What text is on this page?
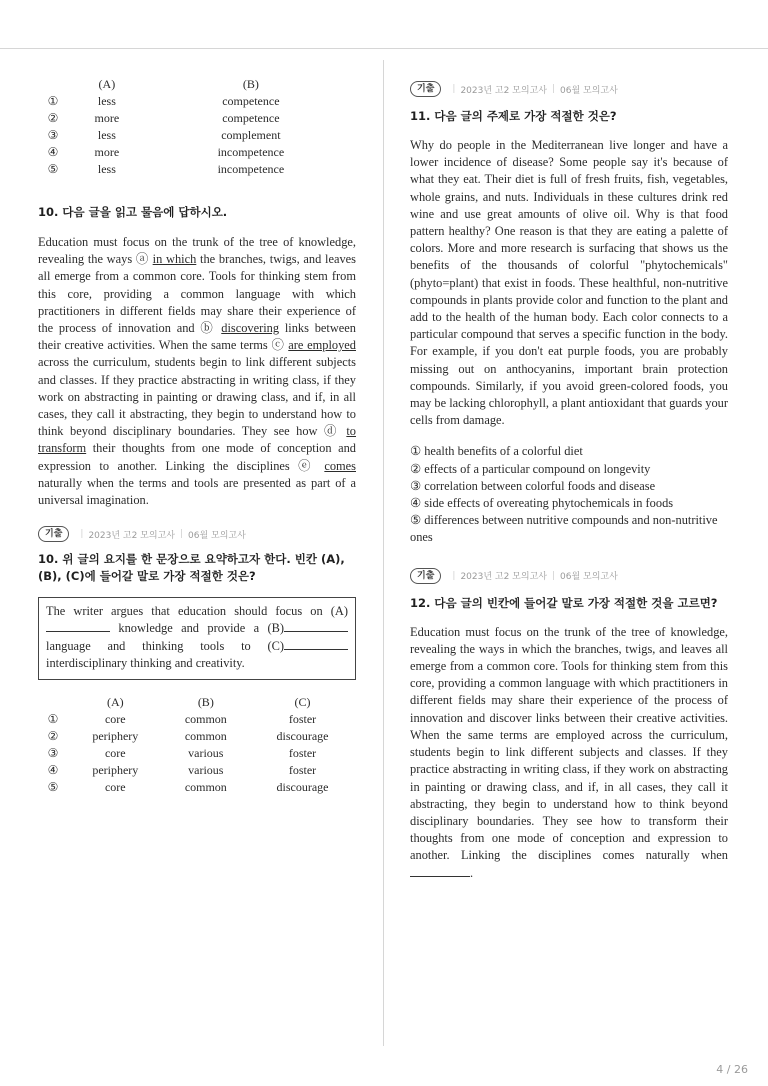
	(A)	(B)
①	less	competence
②	more	competence
③	less	complement
④	more	incompetence
⑤	less	incompetence

10. 다음 글을 읽고 물음에 답하시오.

Education must focus on the trunk of the tree of knowledge, revealing the ways ⓐ in which the branches, twigs, and leaves all emerge from a common core. Tools for thinking stem from this core, providing a common language with which practitioners in different fields may share their experience of the process of innovation and ⓑ discovering links between their creative activities. When the same terms ⓒ are employed across the curriculum, students begin to link different subjects and classes. If they practice abstracting in writing class, if they work on abstracting in painting or drawing class, and if, in all cases, they call it abstracting, they begin to understand how to think beyond disciplinary boundaries. They see how ⓓ to transform their thoughts from one mode of conception and expression to another. Linking the disciplines ⓔ comes naturally when the terms and tools are presented as part of a universal imagination.

기출	| 2023년 고2 모의고사 | 06월 모의고사

10. 위 글의 요지를 한 문장으로 요약하고자 한다. 빈칸 (A), (B), (C)에 들어갈 말로 가장 적절한 것은?

The writer argues that education should focus on (A) knowledge and provide a (B) language and thinking tools to (C) interdisciplinary thinking and creativity.
	(A)	(B)	(C)
①	core	common	foster
②	periphery	common	discourage
③	core	various	foster
④	periphery	various	foster
⑤	core	common	discourage
기출	| 2023년 고2 모의고사 | 06월 모의고사

11. 다음 글의 주제로 가장 적절한 것은?

Why do people in the Mediterranean live longer and have a lower incidence of disease? Some people say it's because of what they eat. Their diet is full of fresh fruits, fish, vegetables, whole grains, and nuts. Individuals in these cultures drink red wine and use great amounts of olive oil. Why is that food pattern healthy? One reason is that they are eating a palette of colors. More and more research is surfacing that shows us the benefits of the thousands of colorful "phytochemicals" (phyto=plant) that exist in foods. These healthful, non-nutritive compounds in plants provide color and function to the plant and add to the health of the human body. Each color connects to a particular compound that serves a specific function in the body. For example, if you don't eat purple foods, you are probably missing out on anthocyanins, important brain protection compounds. Similarly, if you avoid green-colored foods, you may be lacking chlorophyll, a plant antioxidant that guards your cells from damage.

① health benefits of a colorful diet
② effects of a particular compound on longevity
③ correlation between colorful foods and disease
④ side effects of overeating phytochemicals in foods
⑤ differences between nutritive compounds and non-nutritive ones
기출	| 2023년 고2 모의고사 | 06월 모의고사

12. 다음 글의 빈칸에 들어갈 말로 가장 적절한 것을 고르면?

Education must focus on the trunk of the tree of knowledge, revealing the ways in which the branches, twigs, and leaves all emerge from a common core. Tools for thinking stem from this core, providing a common language with which practitioners in different fields may share their experience of the process of innovation and discover links between their creative activities. When the same terms are employed across the curriculum, students begin to link different subjects and classes. If they practice abstracting in writing class, if they work on abstracting in painting or drawing class, and if, in all cases, they call it abstracting, they begin to understand how to think beyond disciplinary boundaries. They see how to transform their thoughts from one mode of conception and expression to another. Linking the disciplines comes naturally when .

4 / 26
